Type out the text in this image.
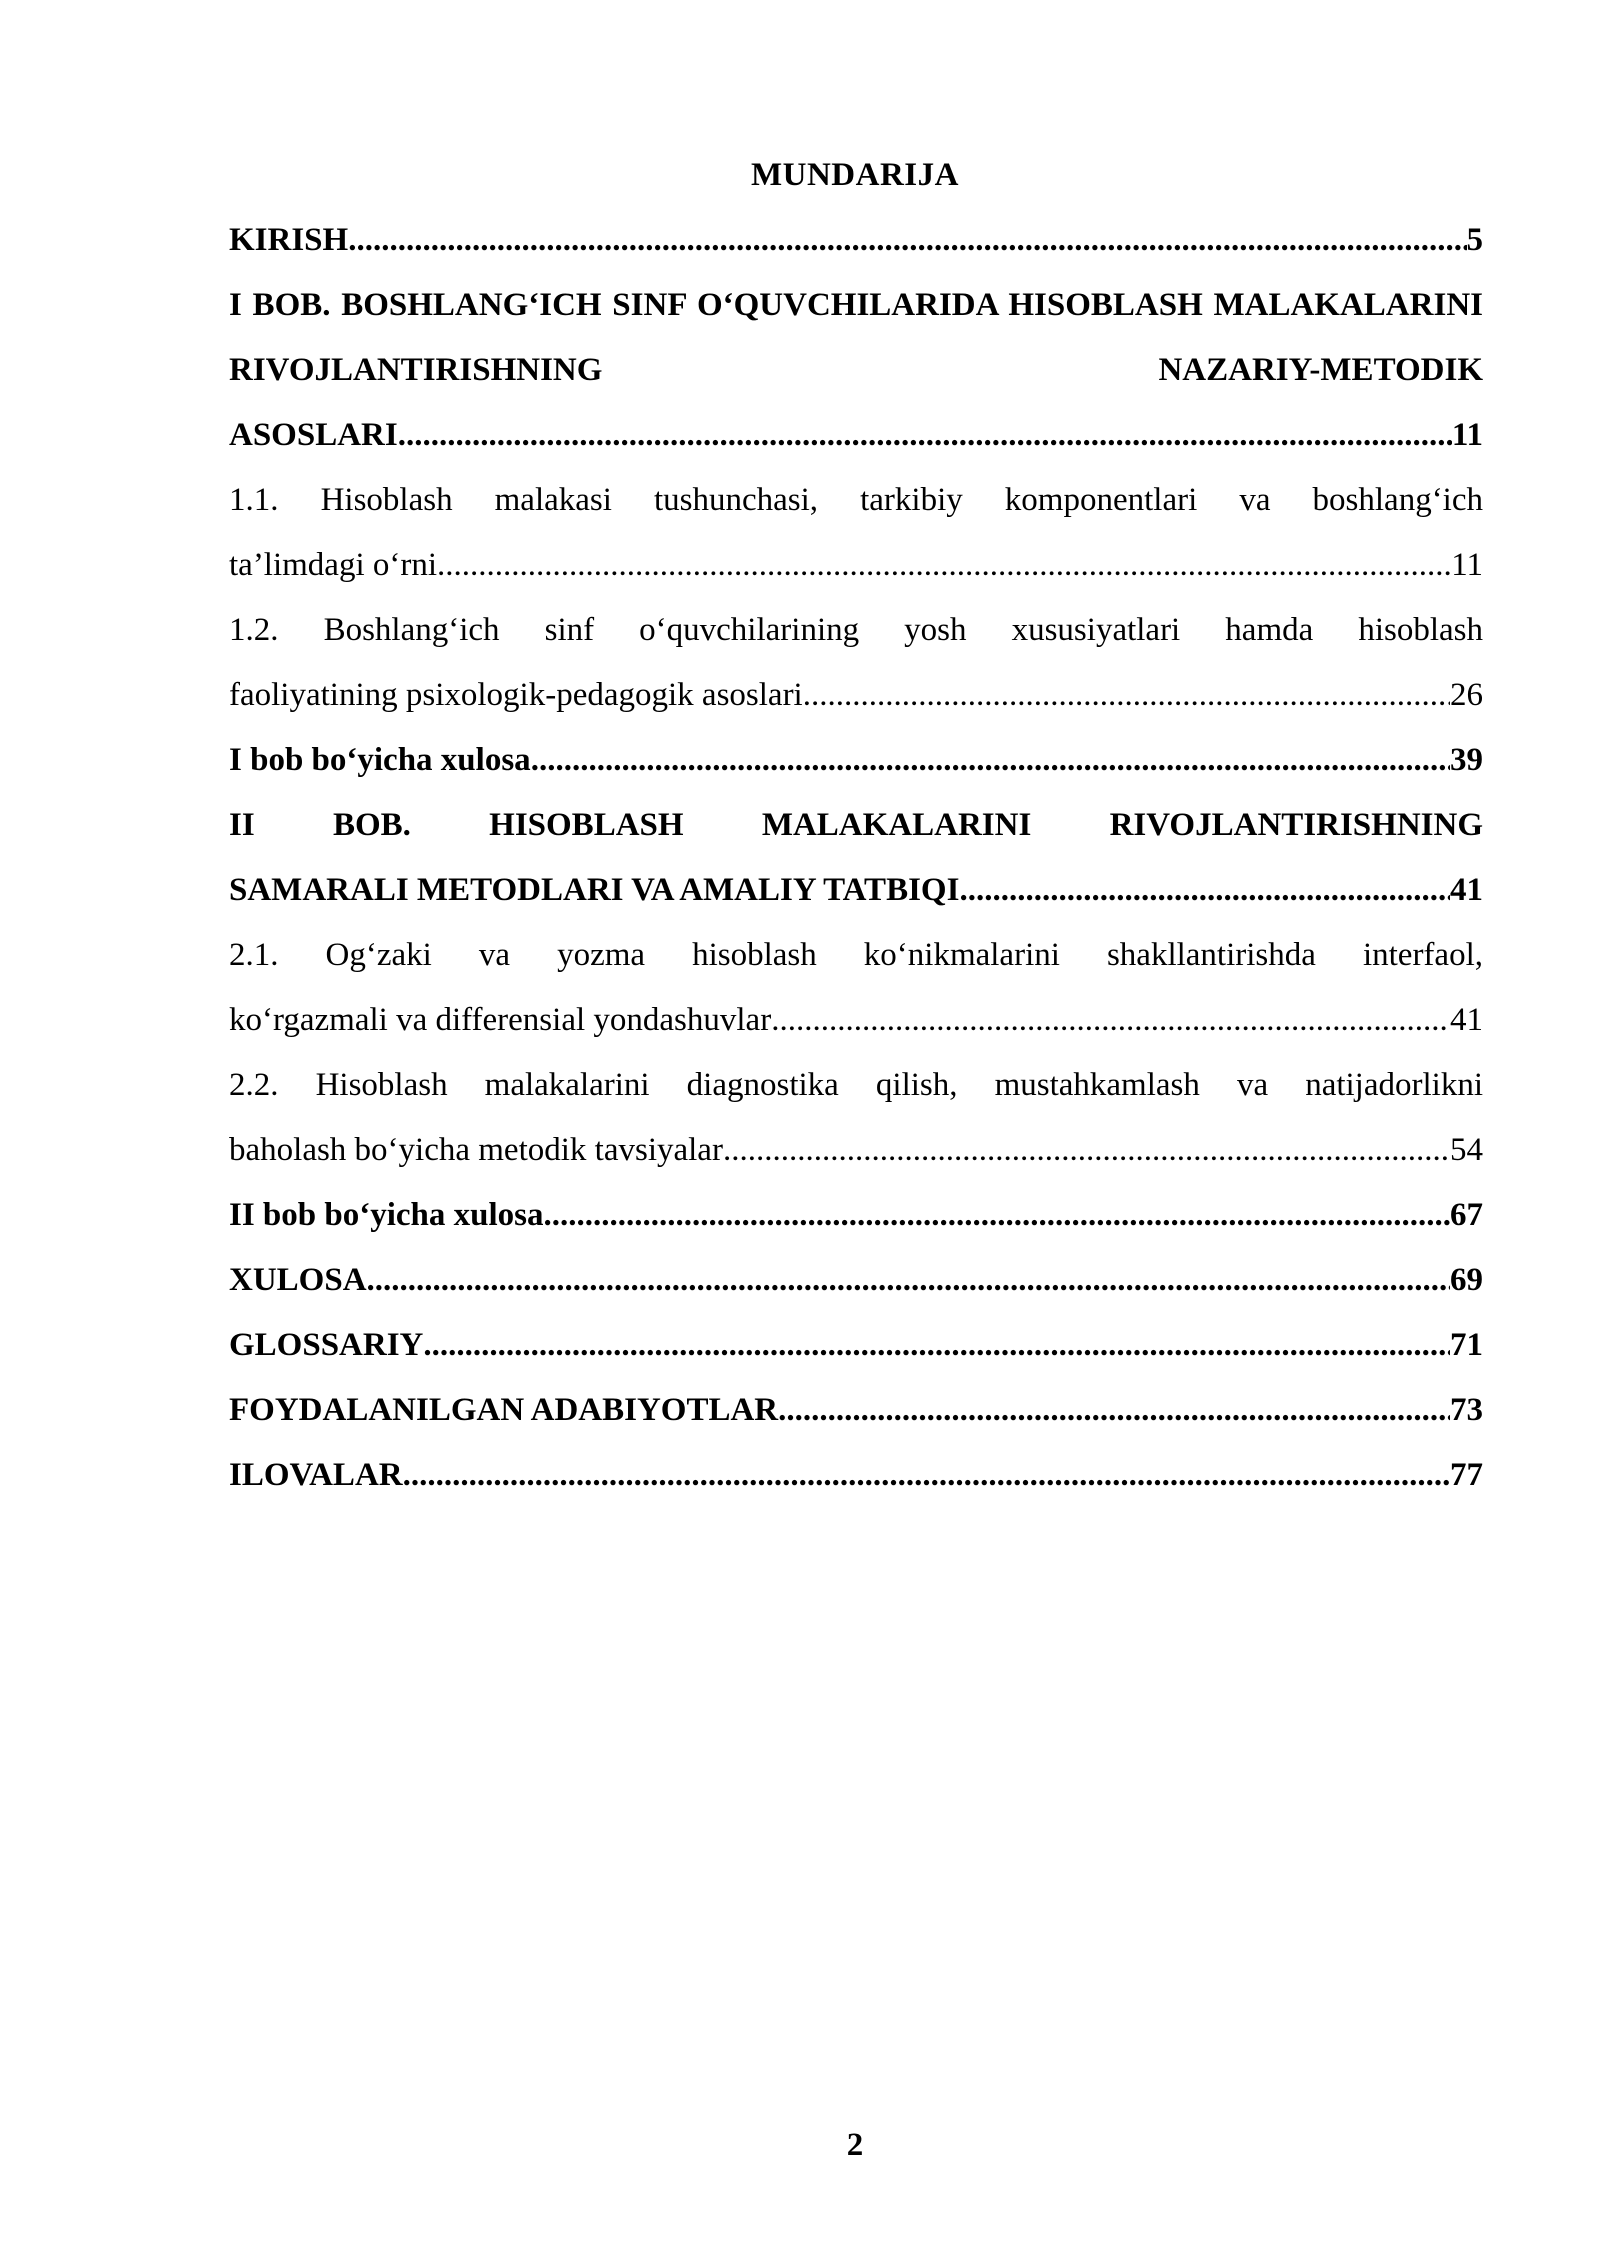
MUNDARIJA
KIRISH .....	5
I BOB. BOSHLANG‘ICH SINF O‘QUVCHILARIDA HISOBLASH MALAKALARINI RIVOJLANTIRISHNING NAZARIY-METODIK
ASOSLARI .....	11
1.1. Hisoblash malakasi tushunchasi, tarkibiy komponentlari va boshlang‘ich
ta’limdagi o‘rni .....	11
1.2. Boshlang‘ich sinf o‘quvchilarining yosh xususiyatlari hamda hisoblash
faoliyatining psixologik-pedagogik asoslari .....	26
I bob bo‘yicha xulosa .....	39
II BOB. HISOBLASH MALAKALARINI RIVOJLANTIRISHNING
SAMARALI METODLARI VA AMALIY TATBIQI .....	41
2.1. Og‘zaki va yozma hisoblash ko‘nikmalarini shakllantirishda interfaol,
ko‘rgazmali va differensial yondashuvlar .....	41
2.2. Hisoblash malakalarini diagnostika qilish, mustahkamlash va natijadorlikni
baholash bo‘yicha metodik tavsiyalar .....	54
II bob bo‘yicha xulosa .....	67
XULOSA .....	69
GLOSSARIY .....	71
FOYDALANILGAN ADABIYOTLAR .....	73
ILOVALAR .....	77
2
